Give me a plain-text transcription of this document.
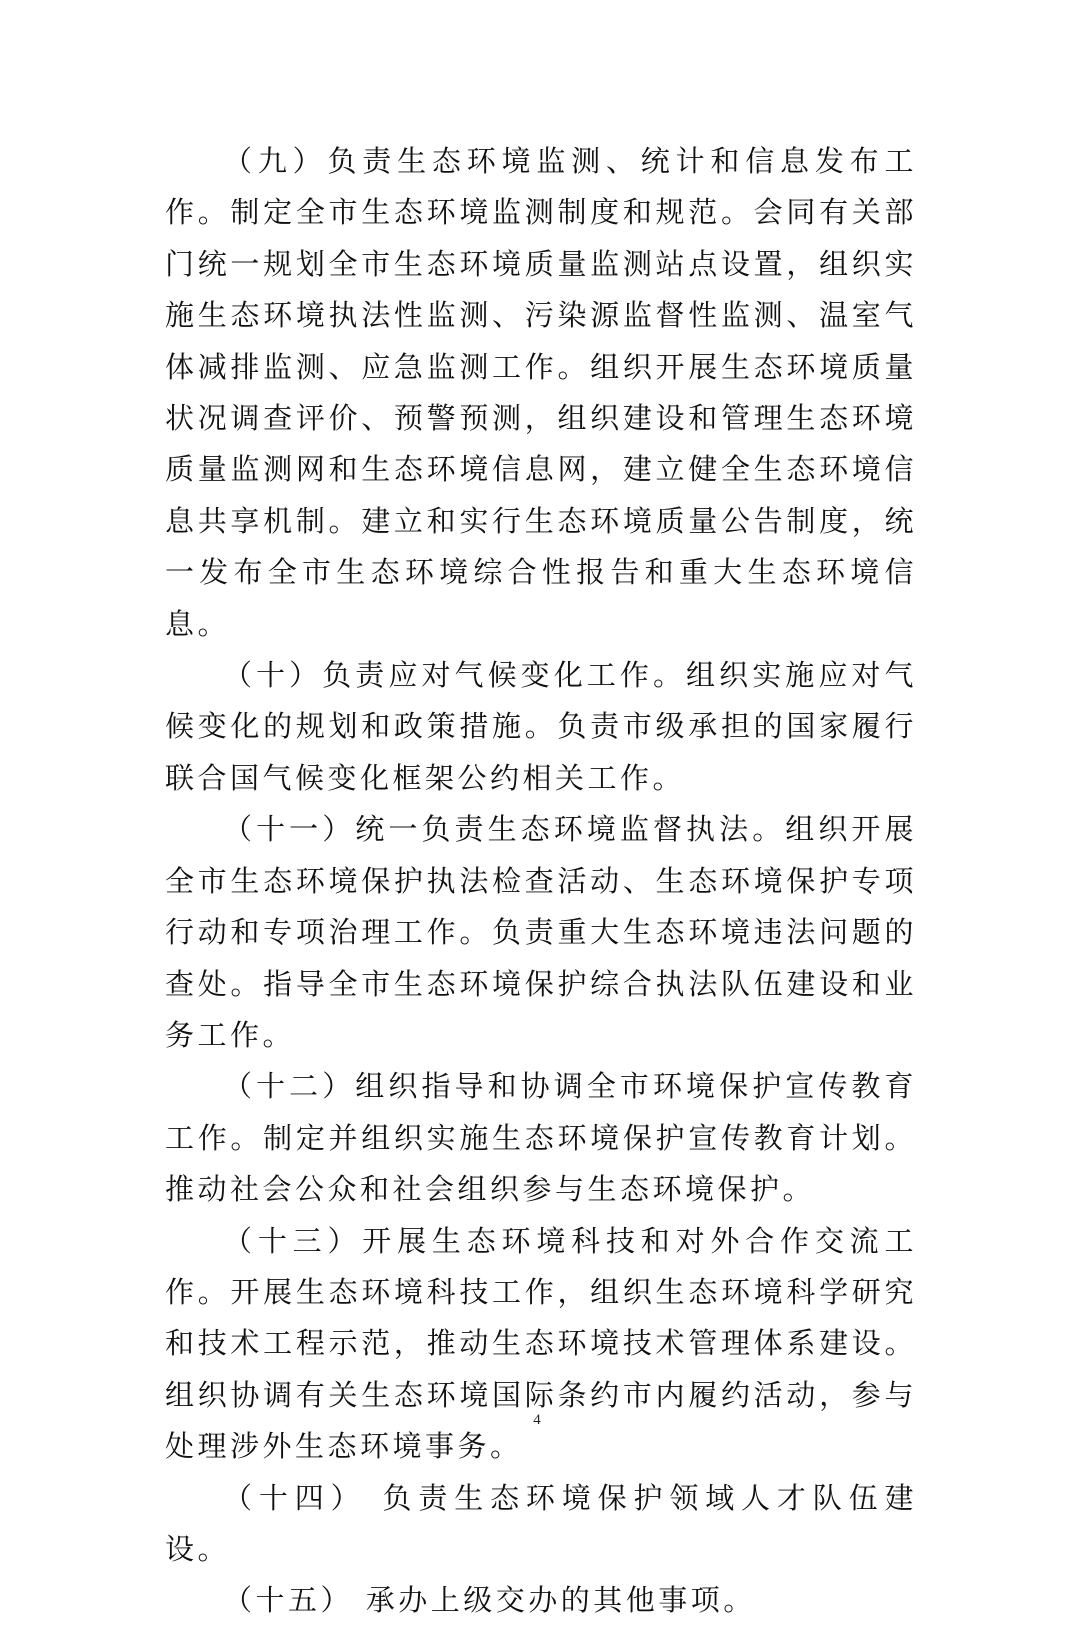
（九）负责生态环境监测、统计和信息发布工作。制定全市生态环境监测制度和规范。会同有关部门统一规划全市生态环境质量监测站点设置，组织实施生态环境执法性监测、污染源监督性监测、温室气体减排监测、应急监测工作。组织开展生态环境质量状况调查评价、预警预测，组织建设和管理生态环境质量监测网和生态环境信息网，建立健全生态环境信息共享机制。建立和实行生态环境质量公告制度，统一发布全市生态环境综合性报告和重大生态环境信息。

（十）负责应对气候变化工作。组织实施应对气候变化的规划和政策措施。负责市级承担的国家履行联合国气候变化框架公约相关工作。

（十一）统一负责生态环境监督执法。组织开展全市生态环境保护执法检查活动、生态环境保护专项行动和专项治理工作。负责重大生态环境违法问题的查处。指导全市生态环境保护综合执法队伍建设和业务工作。

（十二）组织指导和协调全市环境保护宣传教育工作。制定并组织实施生态环境保护宣传教育计划。推动社会公众和社会组织参与生态环境保护。

（十三）开展生态环境科技和对外合作交流工作。开展生态环境科技工作，组织生态环境科学研究和技术工程示范，推动生态环境技术管理体系建设。组织协调有关生态环境国际条约市内履约活动，参与处理涉外生态环境事务。

（十四） 负责生态环境保护领域人才队伍建设。

（十五） 承办上级交办的其他事项。

4
